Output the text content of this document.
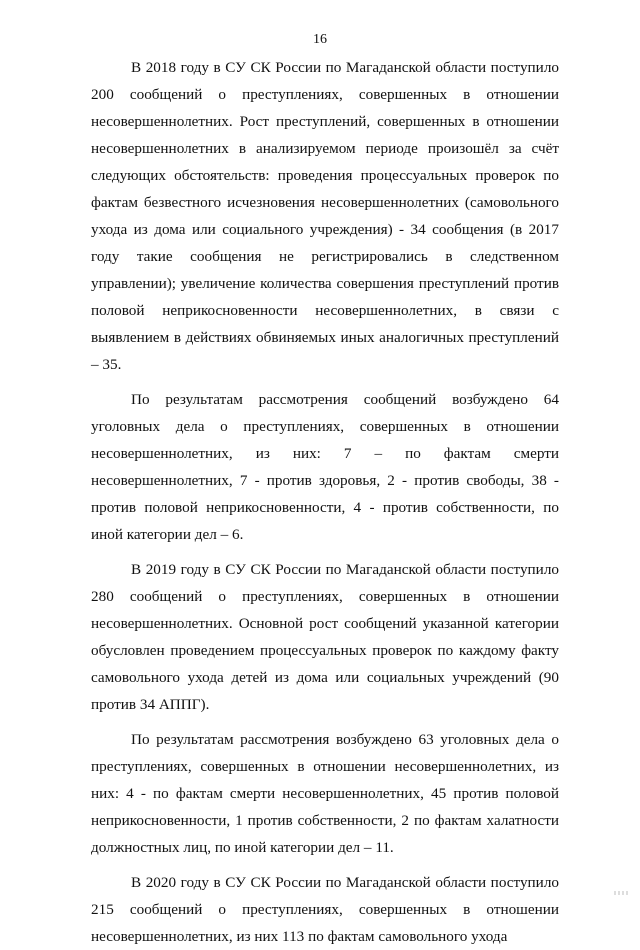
16

В 2018 году в СУ СК России по Магаданской области поступило 200 сообщений о преступлениях, совершенных в отношении несовершеннолетних. Рост преступлений, совершенных в отношении несовершеннолетних в анализируемом периоде произошёл за счёт следующих обстоятельств: проведения процессуальных проверок по фактам безвестного исчезновения несовершеннолетних (самовольного ухода из дома или социального учреждения) - 34 сообщения (в 2017 году такие сообщения не регистрировались в следственном управлении); увеличение количества совершения преступлений против половой неприкосновенности несовершеннолетних, в связи с выявлением в действиях обвиняемых иных аналогичных преступлений – 35.

По результатам рассмотрения сообщений возбуждено 64 уголовных дела о преступлениях, совершенных в отношении несовершеннолетних, из них: 7 – по фактам смерти несовершеннолетних, 7 - против здоровья, 2 - против свободы, 38 - против половой неприкосновенности, 4 - против собственности, по иной категории дел – 6.

В 2019 году в СУ СК России по Магаданской области поступило 280 сообщений о преступлениях, совершенных в отношении несовершеннолетних. Основной рост сообщений указанной категории обусловлен проведением процессуальных проверок по каждому факту самовольного ухода детей из дома или социальных учреждений (90 против 34 АППГ).

По результатам рассмотрения возбуждено 63 уголовных дела о преступлениях, совершенных в отношении несовершеннолетних, из них: 4 - по фактам смерти несовершеннолетних, 45 против половой неприкосновенности, 1 против собственности, 2 по фактам халатности должностных лиц, по иной категории дел – 11.

В 2020 году в СУ СК России по Магаданской области поступило 215 сообщений о преступлениях, совершенных в отношении несовершеннолетних, из них 113 по фактам самовольного ухода
